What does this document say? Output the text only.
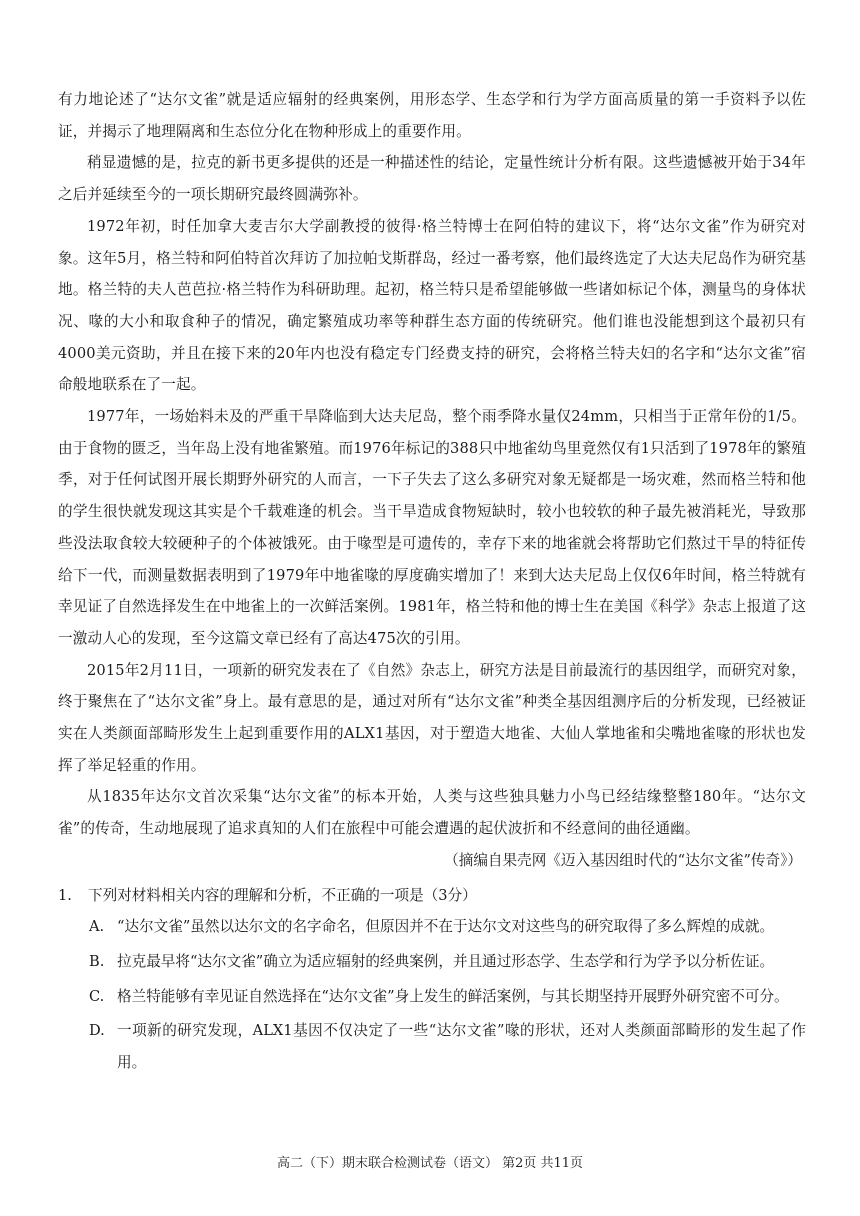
有力地论述了“达尔文雀”就是适应辐射的经典案例，用形态学、生态学和行为学方面高质量的第一手资料予以佐证，并揭示了地理隔离和生态位分化在物种形成上的重要作用。

稍显遗憾的是，拉克的新书更多提供的还是一种描述性的结论，定量性统计分析有限。这些遗憾被开始于34年之后并延续至今的一项长期研究最终圆满弥补。

1972年初，时任加拿大麦吉尔大学副教授的彼得·格兰特博士在阿伯特的建议下，将“达尔文雀”作为研究对象。这年5月，格兰特和阿伯特首次拜访了加拉帕戈斯群岛，经过一番考察，他们最终选定了大达夫尼岛作为研究基地。格兰特的夫人芭芭拉·格兰特作为科研助理。起初，格兰特只是希望能够做一些诸如标记个体，测量鸟的身体状况、喙的大小和取食种子的情况，确定繁殖成功率等种群生态方面的传统研究。他们谁也没能想到这个最初只有4000美元资助，并且在接下来的20年内也没有稳定专门经费支持的研究，会将格兰特夫妇的名字和“达尔文雀”宿命般地联系在了一起。

1977年，一场始料未及的严重干旱降临到大达夫尼岛，整个雨季降水量仅24mm，只相当于正常年份的1/5。由于食物的匮乏，当年岛上没有地雀繁殖。而1976年标记的388只中地雀幼鸟里竟然仅有1只活到了1978年的繁殖季，对于任何试图开展长期野外研究的人而言，一下子失去了这么多研究对象无疑都是一场灾难，然而格兰特和他的学生很快就发现这其实是个千载难逢的机会。当干旱造成食物短缺时，较小也较软的种子最先被消耗光，导致那些没法取食较大较硬种子的个体被饿死。由于喙型是可遗传的，幸存下来的地雀就会将帮助它们熬过干旱的特征传给下一代，而测量数据表明到了1979年中地雀喙的厚度确实增加了！来到大达夫尼岛上仅仅6年时间，格兰特就有幸见证了自然选择发生在中地雀上的一次鲜活案例。1981年，格兰特和他的博士生在美国《科学》杂志上报道了这一激动人心的发现，至今这篇文章已经有了高达475次的引用。

2015年2月11日，一项新的研究发表在了《自然》杂志上，研究方法是目前最流行的基因组学，而研究对象，终于聚焦在了“达尔文雀”身上。最有意思的是，通过对所有“达尔文雀”种类全基因组测序后的分析发现，已经被证实在人类颜面部畸形发生上起到重要作用的ALX1基因，对于塑造大地雀、大仙人掌地雀和尖嘴地雀喙的形状也发挥了举足轻重的作用。

从1835年达尔文首次采集“达尔文雀”的标本开始，人类与这些独具魅力小鸟已经结缘整整180年。“达尔文雀”的传奇，生动地展现了追求真知的人们在旅程中可能会遭遇的起伏波折和不经意间的曲径通幽。

（摘编自果壳网《迈入基因组时代的“达尔文雀”传奇》）

1. 下列对材料相关内容的理解和分析，不正确的一项是（3分）
A. “达尔文雀”虽然以达尔文的名字命名，但原因并不在于达尔文对这些鸟的研究取得了多么辉煌的成就。
B. 拉克最早将“达尔文雀”确立为适应辐射的经典案例，并且通过形态学、生态学和行为学予以分析佐证。
C. 格兰特能够有幸见证自然选择在“达尔文雀”身上发生的鲜活案例，与其长期坚持开展野外研究密不可分。
D. 一项新的研究发现，ALX1基因不仅决定了一些“达尔文雀”喙的形状，还对人类颜面部畸形的发生起了作用。
高二（下）期末联合检测试卷（语文） 第2页 共11页
